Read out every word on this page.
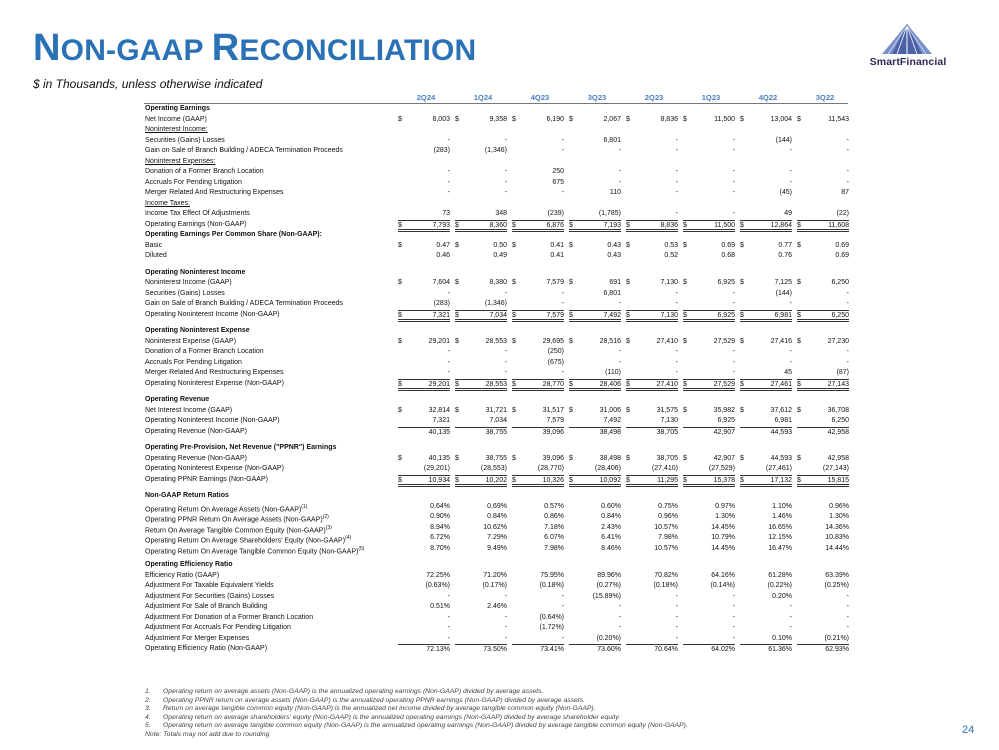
NON-GAAP RECONCILIATION
$ in Thousands, unless otherwise indicated
SmartFinancial
2Q24	1Q24	4Q23	3Q23	2Q23	1Q23	4Q22	3Q22
Operating Earnings
Net Income (GAAP)	$	8,003 $	9,358 $	6,190 $	2,067 $	8,836 $	11,500 $	13,004 $	11,543
Noninterest Income:
Securities (Gains) Losses	-	-	-	6,801	-	-	(144)	-
Gain on Sale of Branch Building / ADECA Termination Proceeds	(283)	(1,346)	-	-	-	-	-	-
Noninterest Expenses:
Donation of a Former Branch Location	-	-	250	-	-	-	-	-
Accruals For Pending Litigation	-	-	675	-	-	-	-	-
Merger Related And Restructuring Expenses	-	-	-	110	-	-	(45)	87
Income Taxes:
Income Tax Effect Of Adjustments	73	348	(239)	(1,785)	-	-	49	(22)
Operating Earnings (Non-GAAP)	$	7,793 $	8,360 $	6,876 $	7,193 $	8,836 $	11,500 $	12,864 $	11,608
Operating Earnings Per Common Share (Non-GAAP):
Basic	$	0.47 $	0.50 $	0.41 $	0.43 $	0.53 $	0.69 $	0.77 $	0.69
Diluted	0.46	0.49	0.41	0.43	0.52	0.68	0.76	0.69
Operating Noninterest Income
Noninterest Income (GAAP)	$	7,604 $	8,380 $	7,579 $	691 $	7,130 $	6,925 $	7,125 $	6,250
Securities (Gains) Losses	-	-	-	6,801	-	-	(144)	-
Gain on Sale of Branch Building / ADECA Termination Proceeds	(283)	(1,346)	-	-	-	-	-	-
Operating Noninterest Income (Non-GAAP)	$	7,321 $	7,034 $	7,579 $	7,492 $	7,130 $	6,925 $	6,981 $	6,250
Operating Noninterest Expense
Noninterest Expense (GAAP)	$	29,201 $	28,553 $	29,695 $	28,516 $	27,410 $	27,529 $	27,416 $	27,230
Donation of a Former Branch Location	-	-	(250)	-	-	-	-	-
Accruals For Pending Litigation	-	-	(675)	-	-	-	-	-
Merger Related And Restructuring Expenses	-	-	-	(110)	-	-	45	(87)
Operating Noninterest Expense (Non-GAAP)	$	29,201 $	28,553 $	28,770 $	28,406 $	27,410 $	27,529 $	27,461 $	27,143
Operating Revenue
Net Interest Income (GAAP)	$	32,814 $	31,721 $	31,517 $	31,006 $	31,575 $	35,982 $	37,612 $	36,708
Operating Noninterest Income (Non-GAAP)	7,321	7,034	7,579	7,492	7,130	6,925	6,981	6,250
Operating Revenue (Non-GAAP)	40,135	38,755	39,096	38,498	38,705	42,907	44,593	42,958
Operating Pre-Provision, Net Revenue ("PPNR") Earnings
Operating Revenue (Non-GAAP)	$	40,135 $	38,755 $	39,096 $	38,498 $	38,705 $	42,907 $	44,593 $	42,958
Operating Noninterest Expense (Non-GAAP)	(29,201)	(28,553)	(28,770)	(28,406)	(27,410)	(27,529)	(27,461)	(27,143)
Operating PPNR Earnings (Non-GAAP)	$	10,934 $	10,202 $	10,326 $	10,092 $	11,295 $	15,378 $	17,132 $	15,815
Non-GAAP Return Ratios
Operating Return On Average Assets (Non-GAAP)$^{(1)}$	0.64%	0.69%	0.57%	0.60%	0.75%	0.97%	1.10%	0.96%
Operating PPNR Return On Average Assets (Non-GAAP)$^{(2)}$	0.90%	0.84%	0.86%	0.84%	0.96%	1.30%	1.46%	1.30%
Return On Average Tangible Common Equity (Non-GAAP)$^{(3)}$	8.94%	10.62%	7.18%	2.43%	10.57%	14.45%	16.65%	14.36%
Operating Return On Average Shareholders' Equity (Non-GAAP)$^{(4)}$	6.72%	7.29%	6.07%	6.41%	7.98%	10.79%	12.15%	10.83%
Operating Return On Average Tangible Common Equity (Non-GAAP)$^{(5)}$	8.70%	9.49%	7.98%	8.46%	10.57%	14.45%	16.47%	14.44%
Operating Efficiency Ratio
Efficiency Ratio (GAAP)	72.25%	71.20%	75.95%	89.96%	70.82%	64.16%	61.28%	63.39%
Adjustment For Taxable Equivalent Yields	(0.63%)	(0.17%)	(0.18%)	(0.27%)	(0.18%)	(0.14%)	(0.22%)	(0.25%)
Adjustment For Securities (Gains) Losses	-	-	-	(15.89%)	-	-	0.20%	-
Adjustment For Sale of Branch Building	0.51%	2.46%	-	-	-	-	-	-
Adjustment For Donation of a Former Branch Location	-	-	(0.64%)	-	-	-	-	-
Adjustment For Accruals For Pending Litigation	-	-	(1.72%)	-	-	-	-	-
Adjustment For Merger Expenses	-	-	-	(0.20%)	-	-	0.10%	(0.21%)
Operating Efficiency Ratio (Non-GAAP)	72.13%	73.50%	73.41%	73.60%	70.64%	64.02%	61.36%	62.93%
1. Operating return on average assets (Non-GAAP) is the annualized operating earnings (Non-GAAP) divided by average assets.
2. Operating PPNR return on average assets (Non-GAAP) is the annualized operating PPNR earnings (Non-GAAP) divided by average assets.
3. Return on average tangible common equity (Non-GAAP) is the annualized net income divided by average tangible common equity (Non-GAAP).
4. Operating return on average shareholders' equity (Non-GAAP) is the annualized operating earnings (Non-GAAP) divided by average shareholder equity.
5. Operating return on average tangible common equity (Non-GAAP) is the annualized operating earnings (Non-GAAP) divided by average tangible common equity (Non-GAAP).
Note: Totals may not add due to rounding	24
